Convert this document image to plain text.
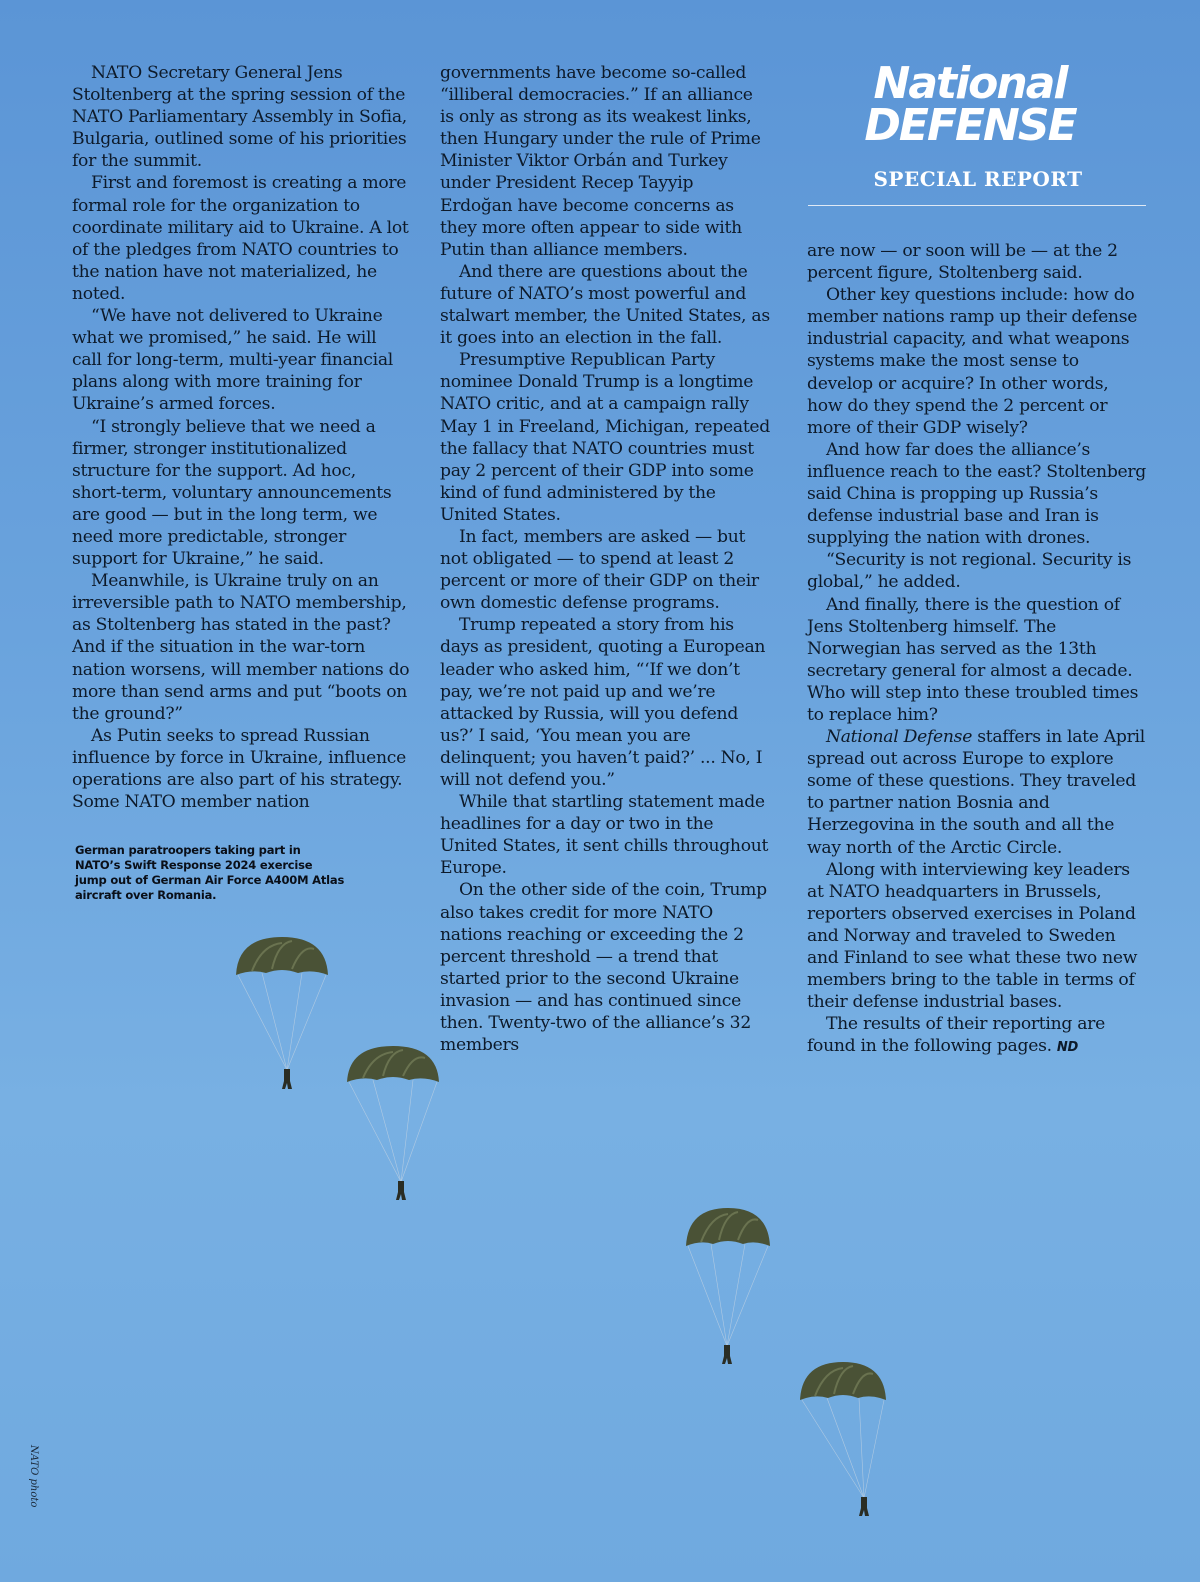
National
DEFENSE
SPECIAL REPORT

NATO Secretary General Jens Stoltenberg at the spring session of the NATO Parliamentary Assembly in Sofia, Bulgaria, outlined some of his priorities for the summit.

First and foremost is creating a more formal role for the organization to coordinate military aid to Ukraine. A lot of the pledges from NATO countries to the nation have not materialized, he noted.

“We have not delivered to Ukraine what we promised,” he said. He will call for long-term, multi-year financial plans along with more training for Ukraine’s armed forces.

“I strongly believe that we need a firmer, stronger institutionalized structure for the support. Ad hoc, short-term, voluntary announcements are good — but in the long term, we need more predictable, stronger support for Ukraine,” he said.

Meanwhile, is Ukraine truly on an irreversible path to NATO membership, as Stoltenberg has stated in the past? And if the situation in the war-torn nation worsens, will member nations do more than send arms and put “boots on the ground?”

As Putin seeks to spread Russian influence by force in Ukraine, influence operations are also part of his strategy. Some NATO member nation

German paratroopers taking part in NATO’s Swift Response 2024 exercise jump out of German Air Force A400M Atlas aircraft over Romania.

governments have become so-called “illiberal democracies.” If an alliance is only as strong as its weakest links, then Hungary under the rule of Prime Minister Viktor Orbán and Turkey under President Recep Tayyip Erdoğan have become concerns as they more often appear to side with Putin than alliance members.

And there are questions about the future of NATO’s most powerful and stalwart member, the United States, as it goes into an election in the fall.

Presumptive Republican Party nominee Donald Trump is a longtime NATO critic, and at a campaign rally May 1 in Freeland, Michigan, repeated the fallacy that NATO countries must pay 2 percent of their GDP into some kind of fund administered by the United States.

In fact, members are asked — but not obligated — to spend at least 2 percent or more of their GDP on their own domestic defense programs.

Trump repeated a story from his days as president, quoting a European leader who asked him, “‘If we don’t pay, we’re not paid up and we’re attacked by Russia, will you defend us?’ I said, ‘You mean you are delinquent; you haven’t paid?’ ... No, I will not defend you.”

While that startling statement made headlines for a day or two in the United States, it sent chills throughout Europe.

On the other side of the coin, Trump also takes credit for more NATO nations reaching or exceeding the 2 percent threshold — a trend that started prior to the second Ukraine invasion — and has continued since then. Twenty-two of the alliance’s 32 members

are now — or soon will be — at the 2 percent figure, Stoltenberg said.

Other key questions include: how do member nations ramp up their defense industrial capacity, and what weapons systems make the most sense to develop or acquire? In other words, how do they spend the 2 percent or more of their GDP wisely?

And how far does the alliance’s influence reach to the east? Stoltenberg said China is propping up Russia’s defense industrial base and Iran is supplying the nation with drones.

“Security is not regional. Security is global,” he added.

And finally, there is the question of Jens Stoltenberg himself. The Norwegian has served as the 13th secretary general for almost a decade. Who will step into these troubled times to replace him?

National Defense staffers in late April spread out across Europe to explore some of these questions. They traveled to partner nation Bosnia and Herzegovina in the south and all the way north of the Arctic Circle.

Along with interviewing key leaders at NATO headquarters in Brussels, reporters observed exercises in Poland and Norway and traveled to Sweden and Finland to see what these two new members bring to the table in terms of their defense industrial bases.

The results of their reporting are found in the following pages. ND

NATO photo
